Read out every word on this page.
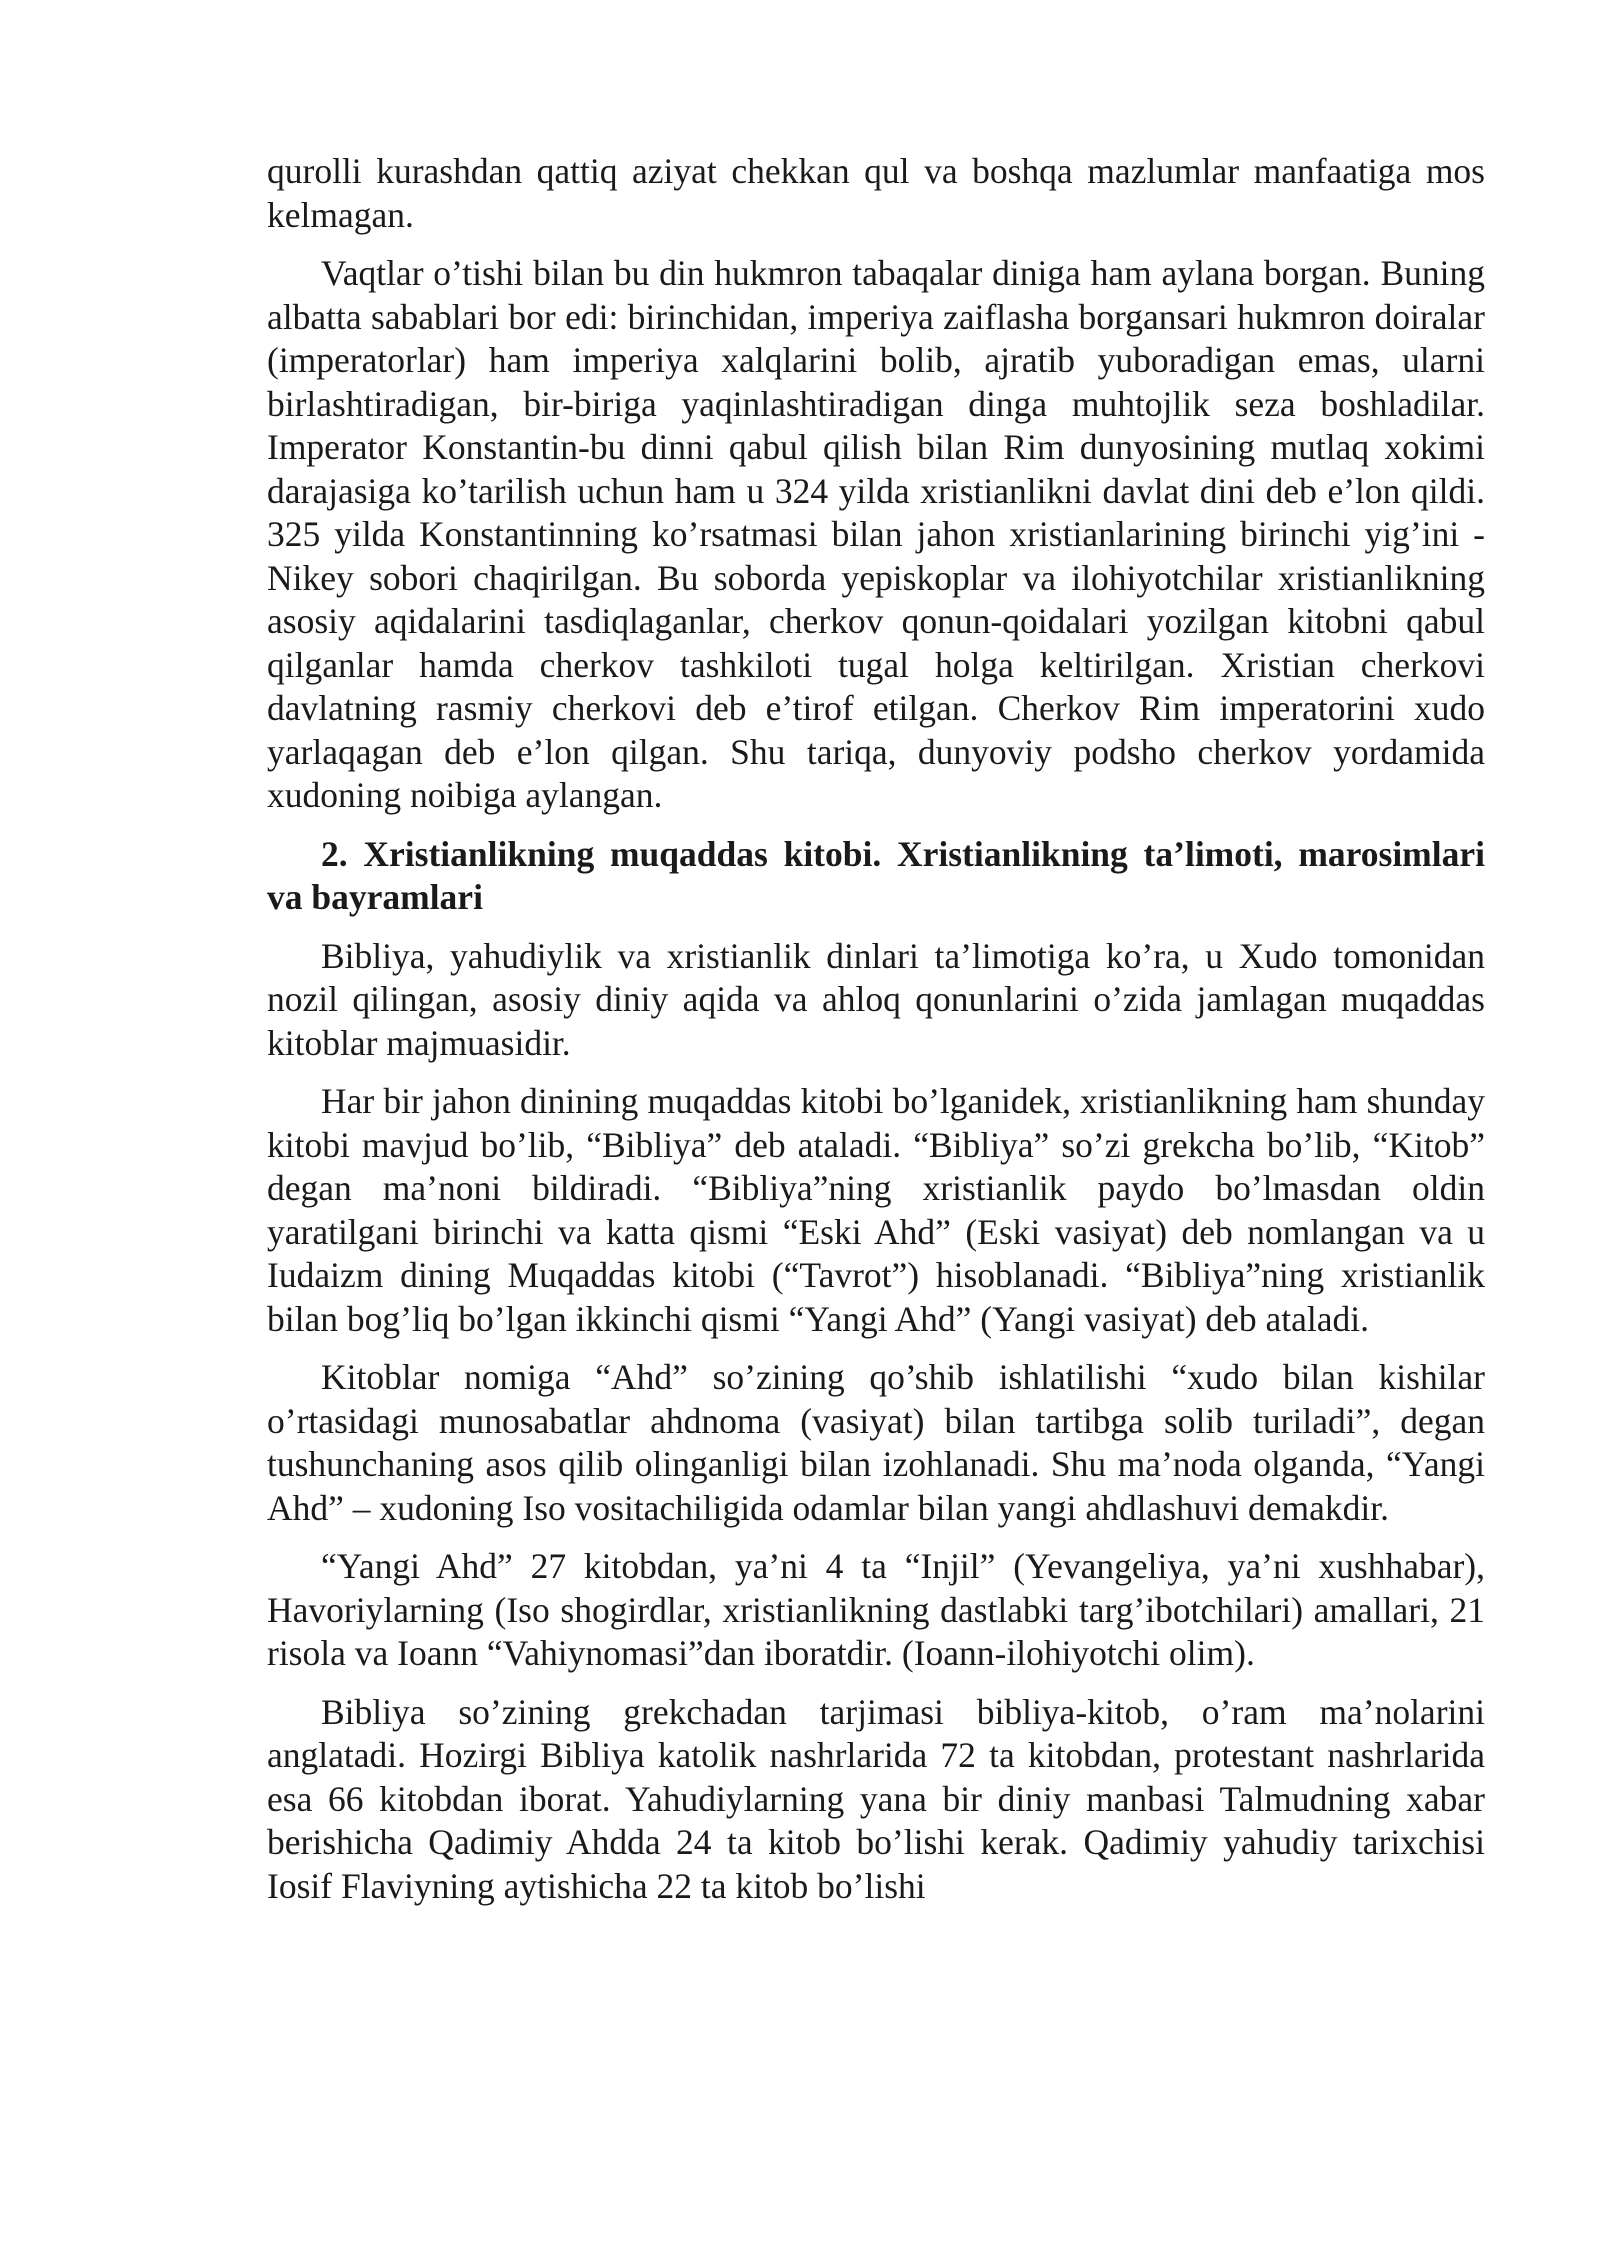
qurolli kurashdan qattiq aziyat chekkan qul va boshqa mazlumlar manfaatiga mos kelmagan.

Vaqtlar o’tishi bilan bu din hukmron tabaqalar diniga ham aylana borgan. Buning albatta sabablari bor edi: birinchidan, imperiya zaiflasha borgansari hukmron doiralar (imperatorlar) ham imperiya xalqlarini bolib, ajratib yuboradigan emas, ularni birlashtiradigan, bir-biriga yaqinlashtiradigan dinga muhtojlik seza boshladilar. Imperator Konstantin-bu dinni qabul qilish bilan Rim dunyosining mutlaq xokimi darajasiga ko’tarilish uchun ham u 324 yilda xristianlikni davlat dini deb e’lon qildi. 325 yilda Konstantinning ko’rsatmasi bilan jahon xristianlarining birinchi yig’ini - Nikey sobori chaqirilgan. Bu soborda yepiskoplar va ilohiyotchilar xristianlikning asosiy aqidalarini tasdiqlaganlar, cherkov qonun-qoidalari yozilgan kitobni qabul qilganlar hamda cherkov tashkiloti tugal holga keltirilgan. Xristian cherkovi davlatning rasmiy cherkovi deb e’tirof etilgan. Cherkov Rim imperatorini xudo yarlaqagan deb e’lon qilgan. Shu tariqa, dunyoviy podsho cherkov yordamida xudoning noibiga aylangan.

2. Xristianlikning muqaddas kitobi. Xristianlikning ta’limoti, marosimlari va bayramlari

Bibliya, yahudiylik va xristianlik dinlari ta’limotiga ko’ra, u Xudo tomonidan nozil qilingan, asosiy diniy aqida va ahloq qonunlarini o’zida jamlagan muqaddas kitoblar majmuasidir.

Har bir jahon dinining muqaddas kitobi bo’lganidek, xristianlikning ham shunday kitobi mavjud bo’lib, “Bibliya” deb ataladi. “Bibliya” so’zi grekcha bo’lib, “Kitob” degan ma’noni bildiradi. “Bibliya”ning xristianlik paydo bo’lmasdan oldin yaratilgani birinchi va katta qismi “Eski Ahd” (Eski vasiyat) deb nomlangan va u Iudaizm dining Muqaddas kitobi (“Tavrot”) hisoblanadi. “Bibliya”ning xristianlik bilan bog’liq bo’lgan ikkinchi qismi “Yangi Ahd” (Yangi vasiyat) deb ataladi.

Kitoblar nomiga “Ahd” so’zining qo’shib ishlatilishi “xudo bilan kishilar o’rtasidagi munosabatlar ahdnoma (vasiyat) bilan tartibga solib turiladi”, degan tushunchaning asos qilib olinganligi bilan izohlanadi. Shu ma’noda olganda, “Yangi Ahd” – xudoning Iso vositachiligida odamlar bilan yangi ahdlashuvi demakdir.

“Yangi Ahd” 27 kitobdan, ya’ni 4 ta “Injil” (Yevangeliya, ya’ni xushhabar), Havoriylarning (Iso shogirdlar, xristianlikning dastlabki targ’ibotchilari) amallari, 21 risola va Ioann “Vahiynomasi”dan iboratdir. (Ioann-ilohiyotchi olim).

Bibliya so’zining grekchadan tarjimasi bibliya-kitob, o’ram ma’nolarini anglatadi. Hozirgi Bibliya katolik nashrlarida 72 ta kitobdan, protestant nashrlarida esa 66 kitobdan iborat. Yahudiylarning yana bir diniy manbasi Talmudning xabar berishicha Qadimiy Ahdda 24 ta kitob bo’lishi kerak. Qadimiy yahudiy tarixchisi Iosif Flaviyning aytishicha 22 ta kitob bo’lishi
